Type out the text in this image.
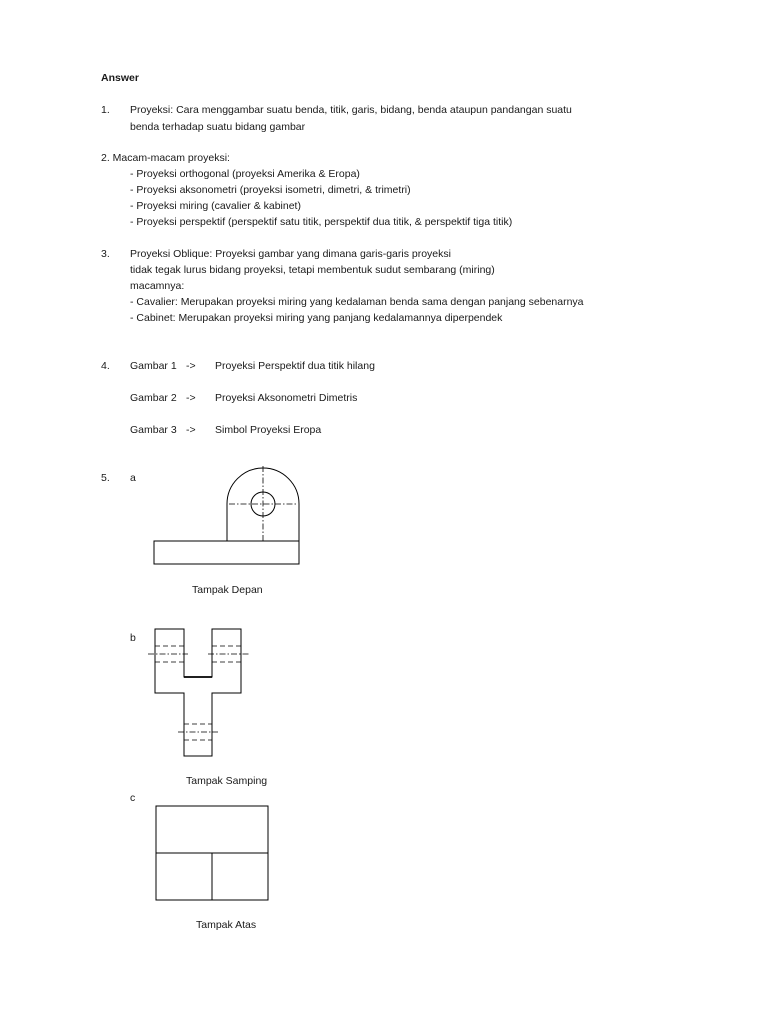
Answer
1. Proyeksi: Cara menggambar suatu benda, titik, garis, bidang, benda ataupun pandangan suatu
benda terhadap suatu bidang gambar
2. Macam-macam proyeksi:
- Proyeksi orthogonal (proyeksi Amerika & Eropa)
- Proyeksi aksonometri (proyeksi isometri, dimetri, & trimetri)
- Proyeksi miring (cavalier & kabinet)
- Proyeksi perspektif (perspektif satu titik, perspektif dua titik, & perspektif tiga titik)
3. Proyeksi Oblique: Proyeksi gambar yang dimana garis-garis proyeksi
tidak tegak lurus bidang proyeksi, tetapi membentuk sudut sembarang (miring)
macamnya:
- Cavalier: Merupakan proyeksi miring yang kedalaman benda sama dengan panjang sebenarnya
- Cabinet: Merupakan proyeksi miring yang panjang kedalamannya diperpendek
4. Gambar 1 -> Proyeksi Perspektif dua titik hilang
Gambar 2 -> Proyeksi Aksonometri Dimetris
Gambar 3 -> Simbol Proyeksi Eropa
5. a
Tampak Depan
b
Tampak Samping
c
Tampak Atas
